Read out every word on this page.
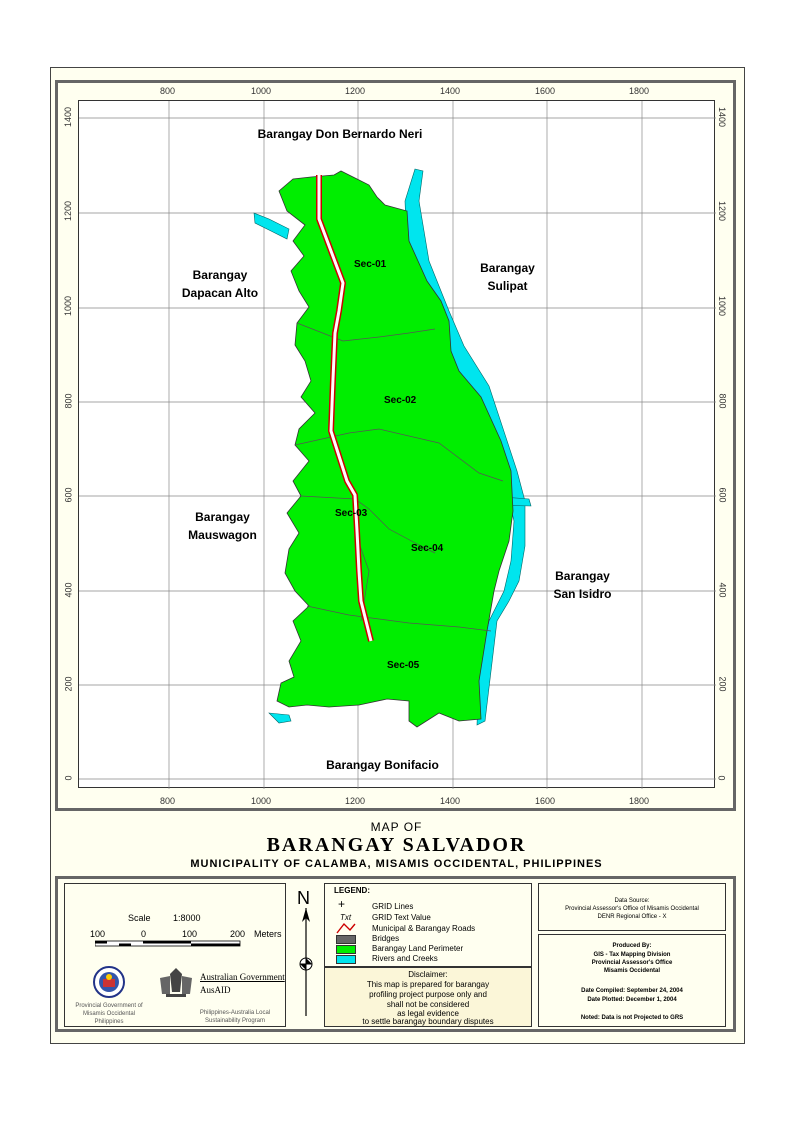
800	1000	1200	1400	1600	1800
800	1000	1200	1400	1600	1800
1400
1200
1000
800
600
400
200
0
1400
1200
1000
800
600
400
200
0
Barangay Don Bernardo Neri
Barangay
Dapacan Alto
Barangay
Sulipat
Barangay
Mauswagon
Barangay
San Isidro
Barangay Bonifacio
Sec-01
Sec-02
Sec-03
Sec-04
Sec-05
MAP OF
BARANGAY SALVADOR
MUNICIPALITY OF CALAMBA, MISAMIS OCCIDENTAL, PHILIPPINES
Scale 1:8000
100	0	100	200 Meters
Provincial Government of Misamis Occidental Philippines
Australian Government
AusAID
Philippines-Australia Local Sustainability Program
N	LEGEND:
+	GRID Lines
Txt	GRID Text Value
Municipal & Barangay Roads
Bridges
Barangay Land Perimeter
Rivers and Creeks
Disclaimer:
This map is prepared for barangay
profiling project purpose only and
shall not be considered
as legal evidence
to settle barangay boundary disputes
Data Source:
Provincial Assessor's Office of Misamis Occidental
DENR Regional Office - X
Produced By:
GIS - Tax Mapping Division
Provincial Assessor's Office
Misamis Occidental
Date Compiled: September 24, 2004
Date Plotted: December 1, 2004
Noted: Data is not Projected to GRS
